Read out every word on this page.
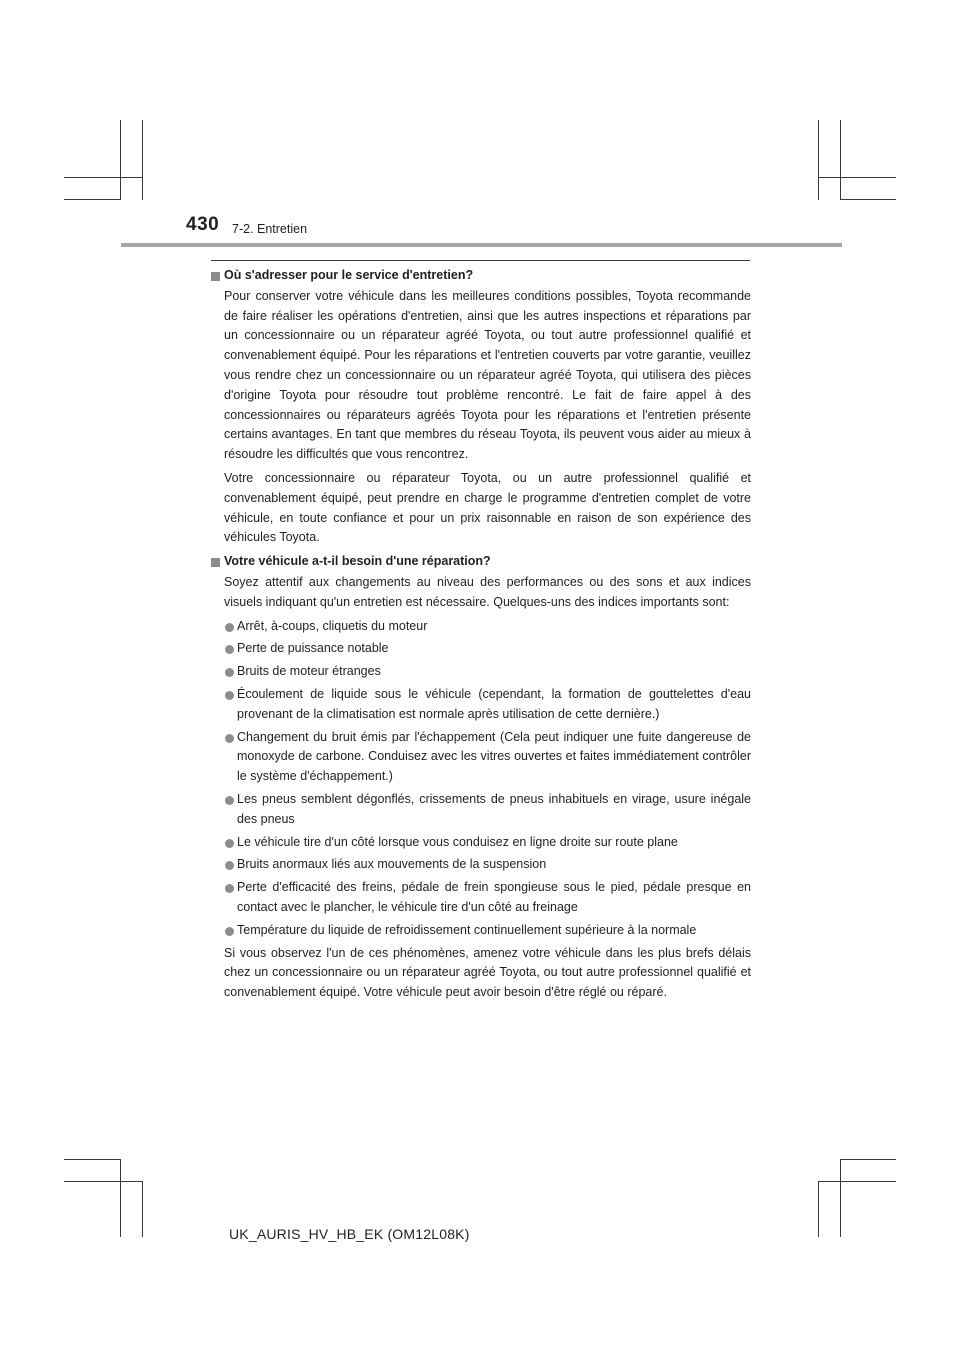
430 7-2. Entretien
Où s'adresser pour le service d'entretien?

Pour conserver votre véhicule dans les meilleures conditions possibles, Toyota recommande de faire réaliser les opérations d'entretien, ainsi que les autres inspections et réparations par un concessionnaire ou un réparateur agréé Toyota, ou tout autre professionnel qualifié et convenablement équipé. Pour les réparations et l'entretien couverts par votre garantie, veuillez vous rendre chez un concessionnaire ou un réparateur agréé Toyota, qui utilisera des pièces d'origine Toyota pour résoudre tout problème rencontré. Le fait de faire appel à des concessionnaires ou réparateurs agréés Toyota pour les réparations et l'entretien présente certains avantages. En tant que membres du réseau Toyota, ils peuvent vous aider au mieux à résoudre les difficultés que vous rencontrez.

Votre concessionnaire ou réparateur Toyota, ou un autre professionnel qualifié et convenablement équipé, peut prendre en charge le programme d'entretien complet de votre véhicule, en toute confiance et pour un prix raisonnable en raison de son expérience des véhicules Toyota.

Votre véhicule a-t-il besoin d'une réparation?

Soyez attentif aux changements au niveau des performances ou des sons et aux indices visuels indiquant qu'un entretien est nécessaire. Quelques-uns des indices importants sont:

Arrêt, à-coups, cliquetis du moteur
Perte de puissance notable
Bruits de moteur étranges
Écoulement de liquide sous le véhicule (cependant, la formation de gouttelettes d'eau provenant de la climatisation est normale après utilisation de cette dernière.)
Changement du bruit émis par l'échappement (Cela peut indiquer une fuite dangereuse de monoxyde de carbone. Conduisez avec les vitres ouvertes et faites immédiatement contrôler le système d'échappement.)
Les pneus semblent dégonflés, crissements de pneus inhabituels en virage, usure inégale des pneus
Le véhicule tire d'un côté lorsque vous conduisez en ligne droite sur route plane
Bruits anormaux liés aux mouvements de la suspension
Perte d'efficacité des freins, pédale de frein spongieuse sous le pied, pédale presque en contact avec le plancher, le véhicule tire d'un côté au freinage
Température du liquide de refroidissement continuellement supérieure à la normale

Si vous observez l'un de ces phénomènes, amenez votre véhicule dans les plus brefs délais chez un concessionnaire ou un réparateur agréé Toyota, ou tout autre professionnel qualifié et convenablement équipé. Votre véhicule peut avoir besoin d'être réglé ou réparé.

UK_AURIS_HV_HB_EK (OM12L08K)
